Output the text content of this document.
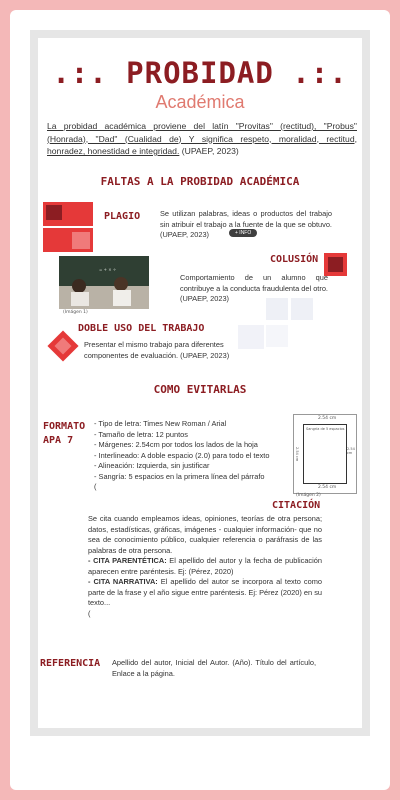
.:. PROBIDAD .:.
Académica
La probidad académica proviene del latín "Provitas" (rectitud), "Probus" (Honrada), "Dad" (Cualidad de) Y significa respeto, moralidad, rectitud, honradez, honestidad e integridad. (UPAEP, 2023)
FALTAS A LA PROBIDAD ACADÉMICA
PLAGIO	Se utilizan palabras, ideas o productos del trabajo sin atribuir el trabajo a la fuente de la que se obtuvo. (UPAEP, 2023)	+ INFO
COLUSIÓN
= + × ÷
(Imágen 1)
Comportamiento de un alumno que contribuye a la conducta fraudulenta del otro. (UPAEP, 2023)
DOBLE USO DEL TRABAJO
Presentar el mismo trabajo para diferentes componentes de evaluación. (UPAEP, 2023)
COMO EVITARLAS
FORMATO
APA 7
- Tipo de letra: Times New Roman / Arial
- Tamaño de letra: 12 puntos
- Márgenes: 2.54cm por todos los lados de la hoja
- Interlineado: A doble espacio (2.0) para todo el texto
- Alineación: Izquierda, sin justificar
- Sangría: 5 espacios en la primera línea del párrafo
(
2.54 cm
Sangría de 5 espacios
2.54 cm
2.54 cm
2.54 cm
(Imágen 2)
CITACIÓN
Se cita cuando empleamos ideas, opiniones, teorías de otra persona; datos, estadísticas, gráficas, imágenes - cualquier información- que no sea de conocimiento público, cualquier referencia o paráfrasis de las palabras de otra persona.
- CITA PARENTÉTICA: El apellido del autor y la fecha de publicación aparecen entre paréntesis. Ej: (Pérez, 2020)
- CITA NARRATIVA: El apellido del autor se incorpora al texto como parte de la frase y el año sigue entre paréntesis. Ej: Pérez (2020) en su texto...
(
REFERENCIA Apellido del autor, Inicial del Autor. (Año). Título del artículo, Enlace a la página.
